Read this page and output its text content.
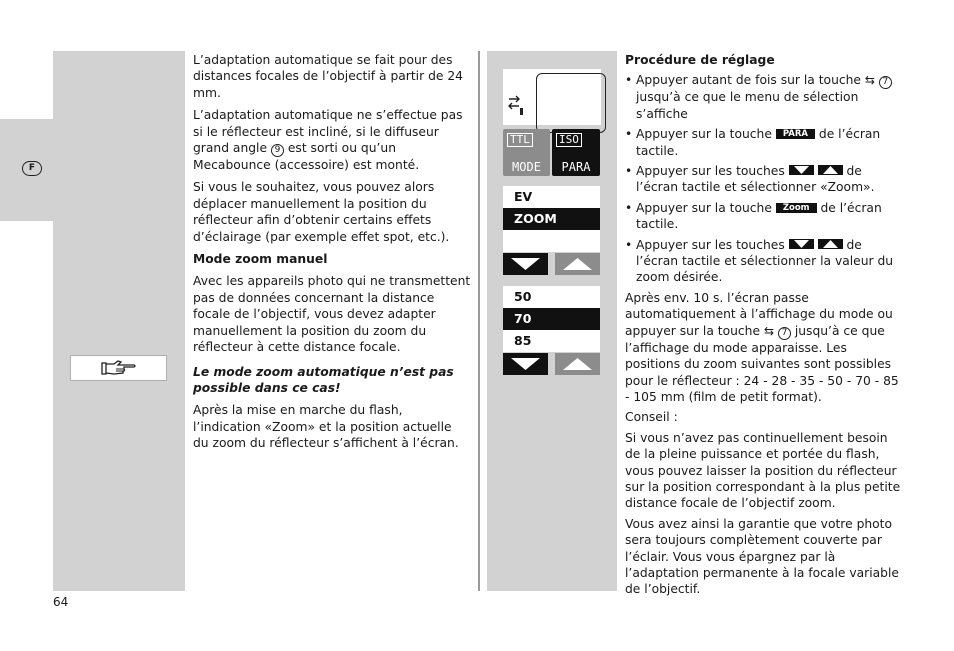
F

L’adaptation automatique se fait pour des distances focales de l’objectif à partir de 24 mm.

L’adaptation automatique ne s’effectue pas si le réflecteur est incliné, si le diffuseur grand angle 9 est sorti ou qu’un Mecabounce (accessoire) est monté.

Si vous le souhaitez, vous pouvez alors déplacer manuellement la position du réflecteur afin d’obtenir certains effets d’éclairage (par exemple effet spot, etc.).

Mode zoom manuel

Avec les appareils photo qui ne transmettent pas de données concernant la distance focale de l’objectif, vous devez adapter manuellement la position du zoom du réflecteur à cette distance focale.

Le mode zoom automatique n’est pas possible dans ce cas!

Après la mise en marche du flash, l’indication «Zoom» et la position actuelle du zoom du réflecteur s’affichent à l’écran.

TTL
MODE
ISO
PARA
EV
ZOOM
50
70
85

Procédure de réglage

• Appuyer autant de fois sur la touche ⇆ 7 jusqu’à ce que le menu de sélection s’affiche
• Appuyer sur la touche PARA de l’écran tactile.
• Appuyer sur les touches
	de l’écran tactile et sélectionner «Zoom».
• Appuyer sur la touche Zoom de l’écran tactile.
• Appuyer sur les touches
	de l’écran tactile et sélectionner la valeur du zoom désirée.

Après env. 10 s. l’écran passe automatiquement à l’affichage du mode ou appuyer sur la touche ⇆ 7 jusqu’à ce que l’affichage du mode apparaisse. Les positions du zoom suivantes sont possibles pour le réflecteur : 24 - 28 - 35 - 50 - 70 - 85 - 105 mm (film de petit format).

Conseil :

Si vous n’avez pas continuellement besoin de la pleine puissance et portée du flash, vous pouvez laisser la position du réflecteur sur la position correspondant à la plus petite distance focale de l’objectif zoom.

Vous avez ainsi la garantie que votre photo sera toujours complètement couverte par l’éclair. Vous vous épargnez par là l’adaptation permanente à la focale variable de l’objectif.

64
